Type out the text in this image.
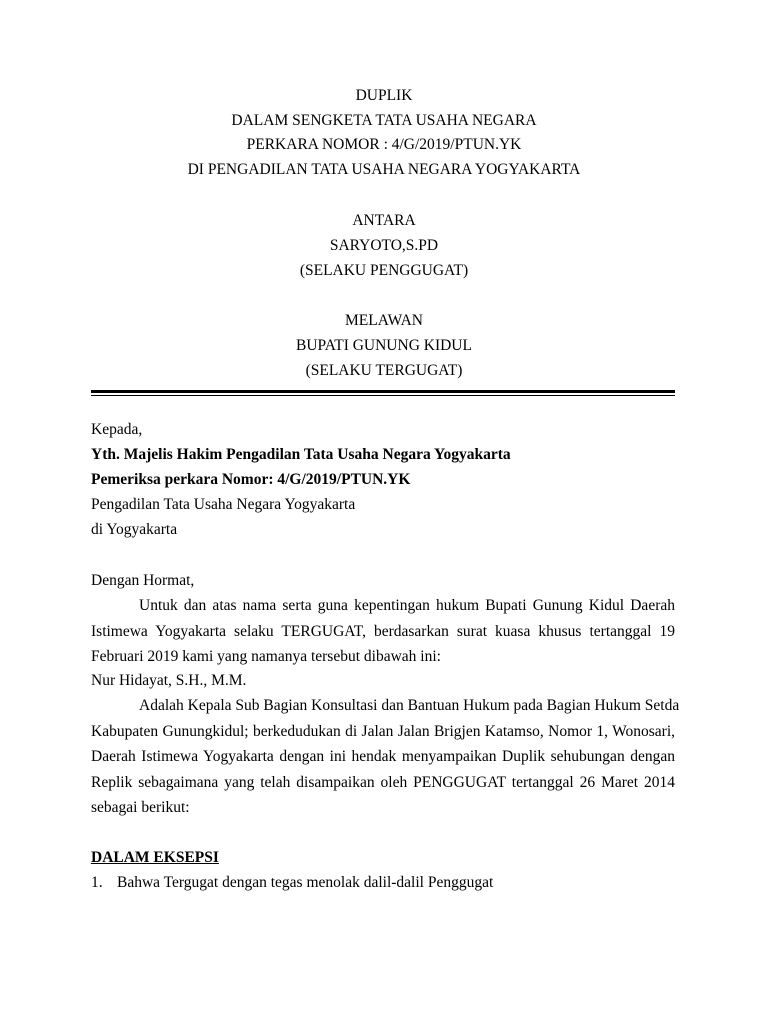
DUPLIK
DALAM SENGKETA TATA USAHA NEGARA
PERKARA NOMOR : 4/G/2019/PTUN.YK
DI PENGADILAN TATA USAHA NEGARA YOGYAKARTA
ANTARA
SARYOTO,S.PD
(SELAKU PENGGUGAT)
MELAWAN
BUPATI GUNUNG KIDUL
(SELAKU TERGUGAT)
Kepada,
Yth. Majelis Hakim Pengadilan Tata Usaha Negara Yogyakarta
Pemeriksa perkara Nomor: 4/G/2019/PTUN.YK
Pengadilan Tata Usaha Negara Yogyakarta
di Yogyakarta
Dengan Hormat,
Untuk dan atas nama serta guna kepentingan hukum Bupati Gunung Kidul Daerah
Istimewa Yogyakarta selaku TERGUGAT, berdasarkan surat kuasa khusus tertanggal 19
Februari 2019 kami yang namanya tersebut dibawah ini:
Nur Hidayat, S.H., M.M.
Adalah Kepala Sub Bagian Konsultasi dan Bantuan Hukum pada Bagian Hukum Setda
Kabupaten Gunungkidul; berkedudukan di Jalan Jalan Brigjen Katamso, Nomor 1, Wonosari,
Daerah Istimewa Yogyakarta dengan ini hendak menyampaikan Duplik sehubungan dengan
Replik sebagaimana yang telah disampaikan oleh PENGGUGAT tertanggal 26 Maret 2014
sebagai berikut:
DALAM EKSEPSI
1. Bahwa Tergugat dengan tegas menolak dalil-dalil Penggugat
